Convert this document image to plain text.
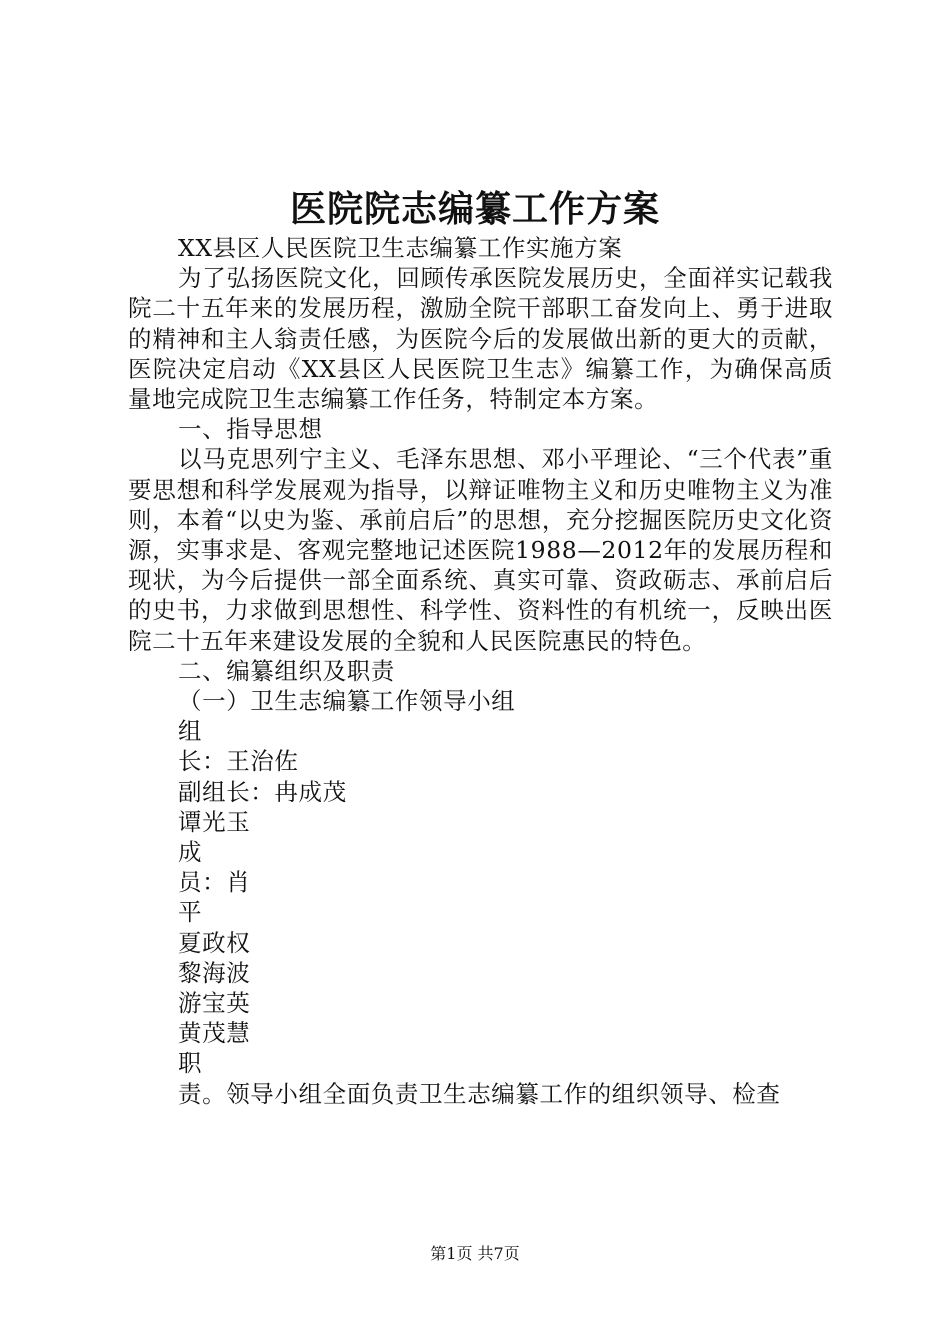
医院院志编纂工作方案

XX县区人民医院卫生志编纂工作实施方案

为了弘扬医院文化，回顾传承医院发展历史，全面祥实记载我院二十五年来的发展历程，激励全院干部职工奋发向上、勇于进取的精神和主人翁责任感，为医院今后的发展做出新的更大的贡献，医院决定启动《XX县区人民医院卫生志》编纂工作，为确保高质量地完成院卫生志编纂工作任务，特制定本方案。

一、指导思想

以马克思列宁主义、毛泽东思想、邓小平理论、“三个代表”重要思想和科学发展观为指导，以辩证唯物主义和历史唯物主义为准则，本着“以史为鉴、承前启后”的思想，充分挖掘医院历史文化资源，实事求是、客观完整地记述医院1988—2012年的发展历程和现状，为今后提供一部全面系统、真实可靠、资政砺志、承前启后的史书，力求做到思想性、科学性、资料性的有机统一，反映出医院二十五年来建设发展的全貌和人民医院惠民的特色。

二、编纂组织及职责

（一）卫生志编纂工作领导小组

组

长：王治佐

副组长：冉成茂

谭光玉

成

员：肖

平

夏政权

黎海波

游宝英

黄茂慧

职

责。领导小组全面负责卫生志编纂工作的组织领导、检查

第1页 共7页
